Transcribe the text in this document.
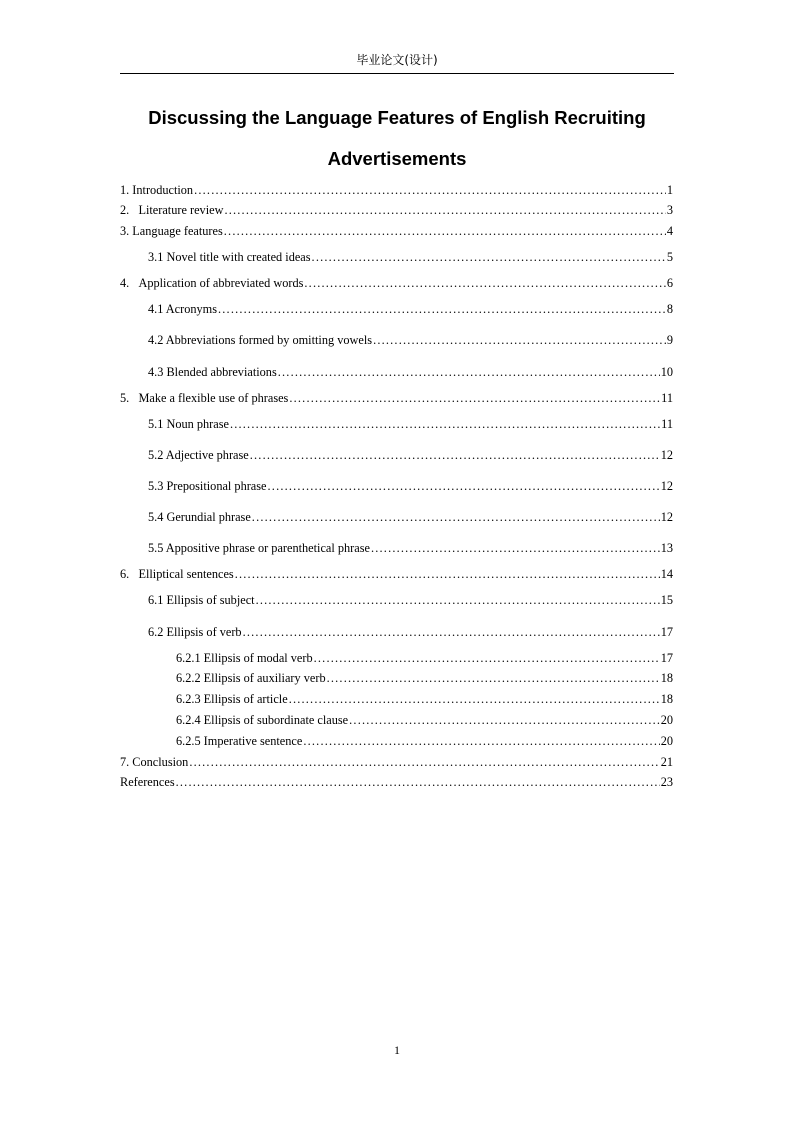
毕业论文(设计)
Discussing the Language Features of English Recruiting
Advertisements
1. Introduction .....	1
2.   Literature review .....	3
3. Language features .....	4
3.1 Novel title with created ideas .....	5
4.   Application of abbreviated words .....	6
4.1 Acronyms .....	8
4.2 Abbreviations formed by omitting vowels .....	9
4.3 Blended abbreviations .....	10
5.   Make a flexible use of phrases .....	11
5.1 Noun phrase .....	11
5.2 Adjective phrase .....	12
5.3 Prepositional phrase .....	12
5.4 Gerundial phrase .....	12
5.5 Appositive phrase or parenthetical phrase .....	13
6.   Elliptical sentences .....	14
6.1 Ellipsis of subject .....	15
6.2 Ellipsis of verb .....	17
6.2.1 Ellipsis of modal verb .....	17
6.2.2 Ellipsis of auxiliary verb .....	18
6.2.3 Ellipsis of article .....	18
6.2.4 Ellipsis of subordinate clause .....	20
6.2.5 Imperative sentence .....	20
7. Conclusion .....	21
References .....	23
1
